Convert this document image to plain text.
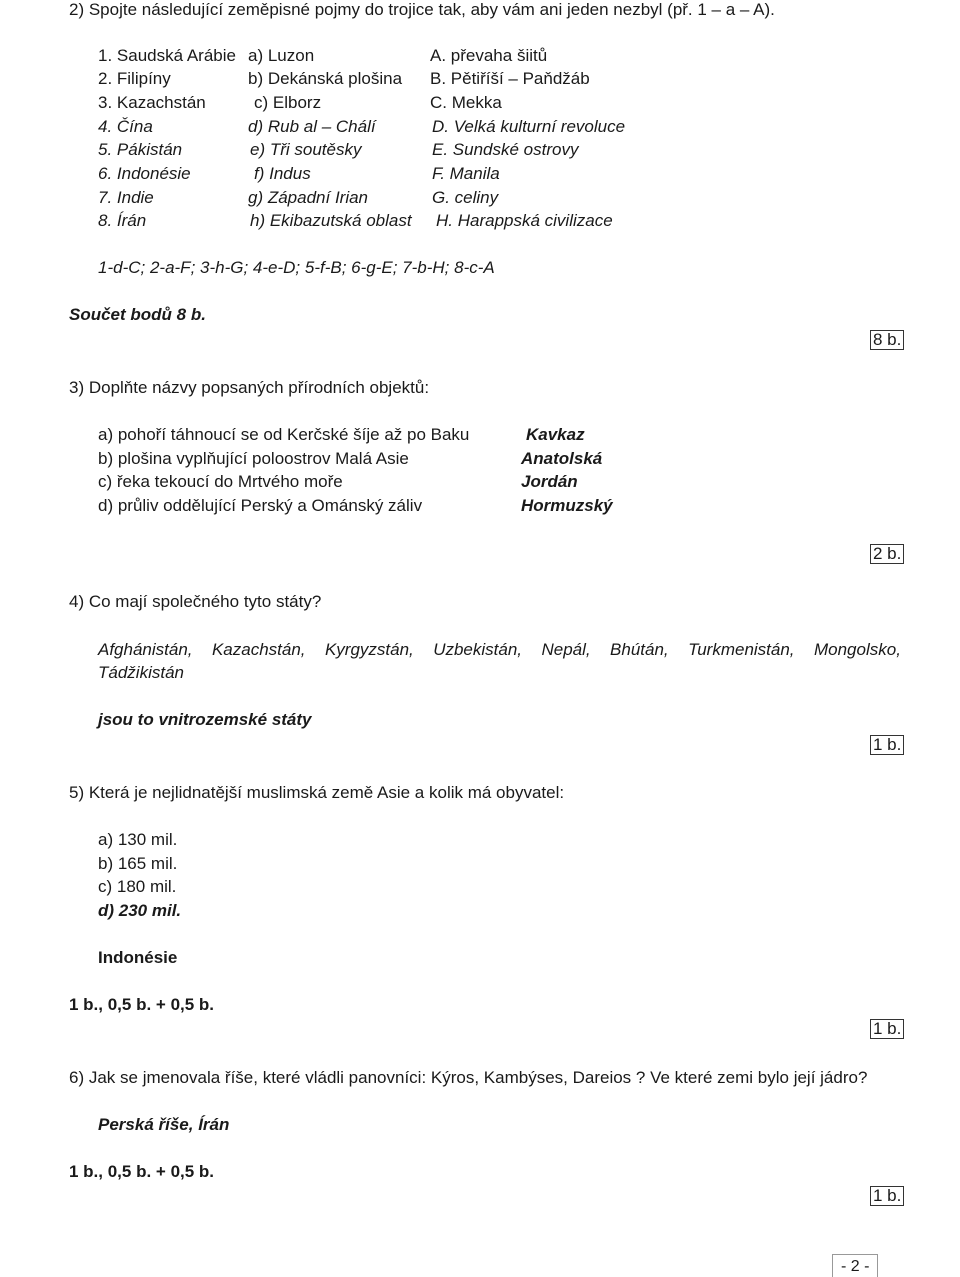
2) Spojte následující zeměpisné pojmy do trojice tak, aby vám ani jeden nezbyl (př. 1 – a – A).
1. Saudská Arábie
2. Filipíny
3. Kazachstán
4. Čína
5. Pákistán
6. Indonésie
7. Indie
8. Írán
a) Luzon
b) Dekánská plošina
c) Elborz
d) Rub al – Chálí
e) Tři soutěsky
f) Indus
g) Západní Irian
h) Ekibazutská oblast
A. převaha šiitů
B. Pětiříší – Paňdžáb
C. Mekka
D. Velká kulturní revoluce
E. Sundské ostrovy
F. Manila
G. celiny
H. Harappská civilizace
1-d-C; 2-a-F; 3-h-G; 4-e-D; 5-f-B; 6-g-E; 7-b-H; 8-c-A
Součet bodů 8 b.
8 b.
3) Doplňte názvy popsaných přírodních objektů:
a) pohoří táhnoucí se od Kerčské šíje až po Baku
b) plošina vyplňující poloostrov Malá Asie
c) řeka tekoucí do Mrtvého moře
d) průliv oddělující Perský a Ománský záliv
Kavkaz
Anatolská
Jordán
Hormuzský
2 b.
4) Co mají společného tyto státy?
Afghánistán, Kazachstán, Kyrgyzstán, Uzbekistán, Nepál, Bhútán, Turkmenistán, Mongolsko,
Tádžikistán
jsou to vnitrozemské státy
1 b.
5) Která je nejlidnatější muslimská země Asie a kolik má obyvatel:
a) 130 mil.
b) 165 mil.
c) 180 mil.
d) 230 mil.
Indonésie
1 b., 0,5 b. + 0,5 b.
1 b.
6) Jak se jmenovala říše, které vládli panovníci: Kýros, Kambýses, Dareios ? Ve které zemi bylo její jádro?
Perská říše, Írán
1 b., 0,5 b. + 0,5 b.
1 b.
- 2 -
